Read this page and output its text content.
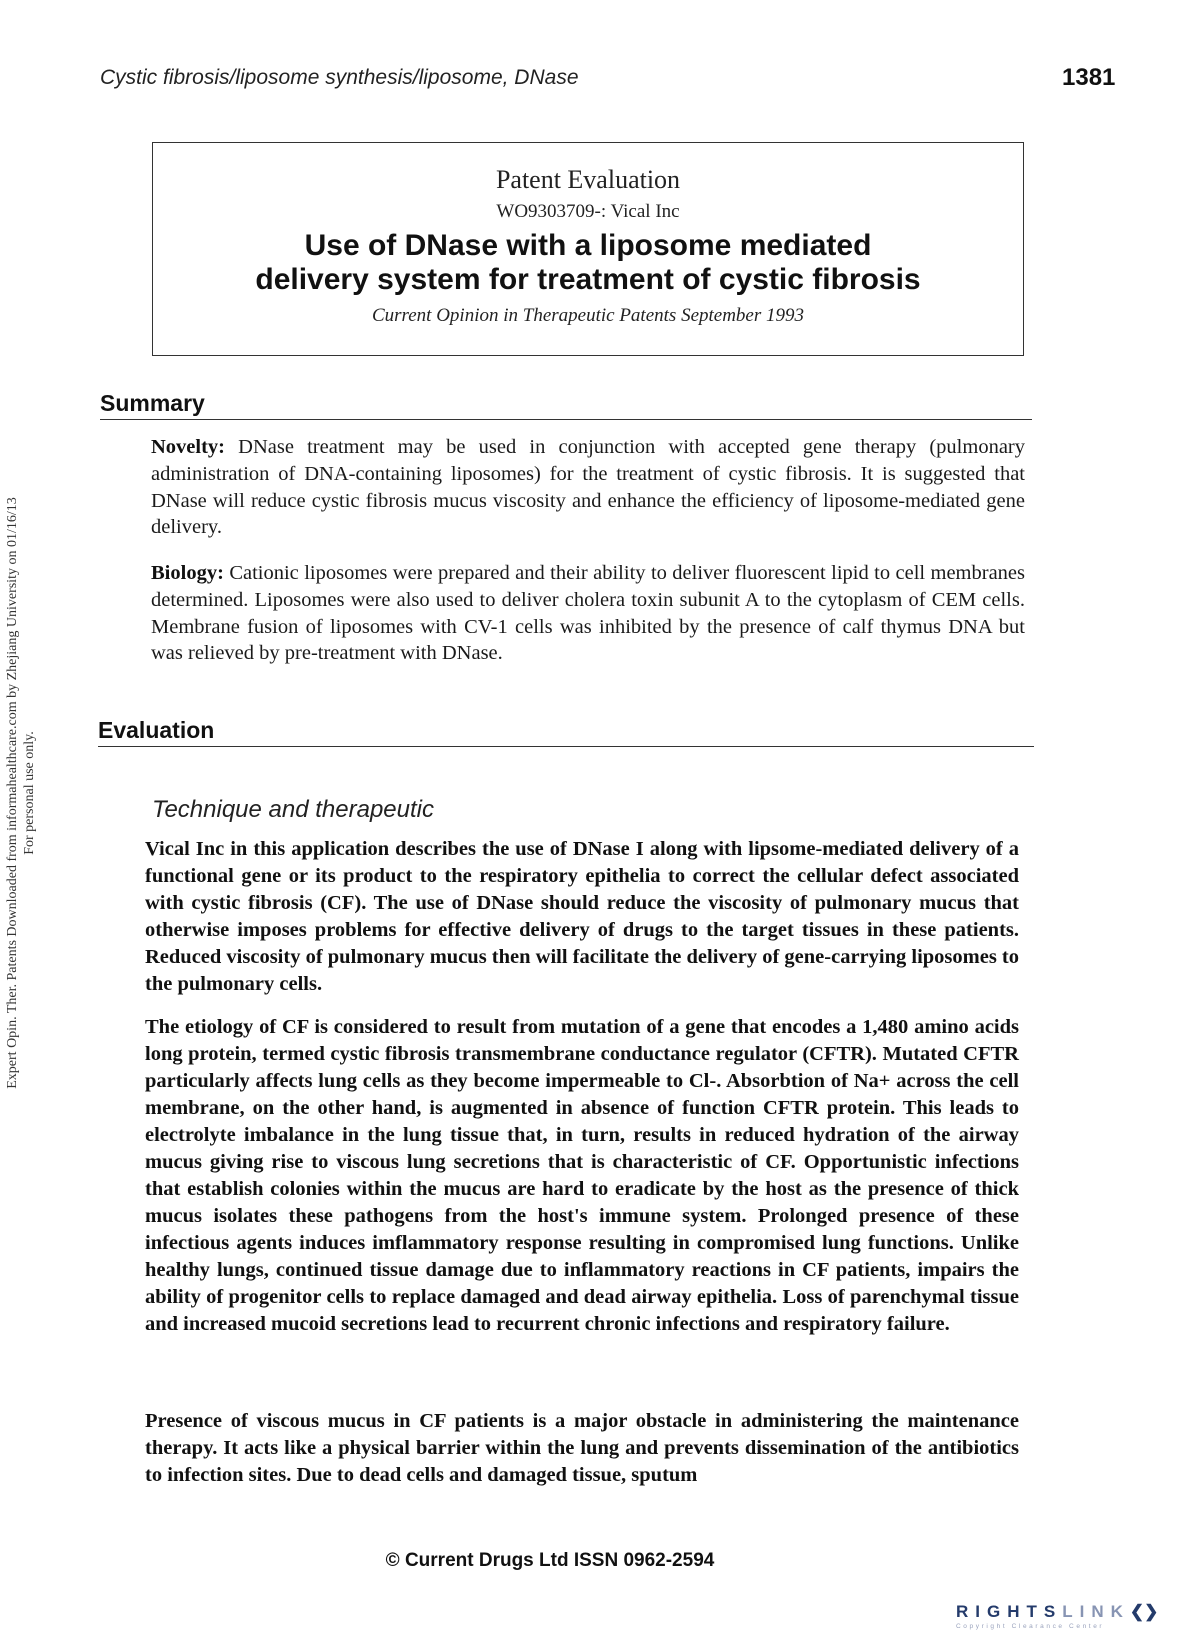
Cystic fibrosis/liposome synthesis/liposome, DNase	1381
Patent Evaluation
WO9303709-: Vical Inc
Use of DNase with a liposome mediated
delivery system for treatment of cystic fibrosis
Current Opinion in Therapeutic Patents September 1993
Summary

Novelty: DNase treatment may be used in conjunction with accepted gene therapy (pulmonary administration of DNA-containing liposomes) for the treatment of cystic fibrosis. It is suggested that DNase will reduce cystic fibrosis mucus viscosity and enhance the efficiency of liposome-mediated gene delivery.

Biology: Cationic liposomes were prepared and their ability to deliver fluorescent lipid to cell membranes determined. Liposomes were also used to deliver cholera toxin subunit A to the cytoplasm of CEM cells. Membrane fusion of liposomes with CV-1 cells was inhibited by the presence of calf thymus DNA but was relieved by pre-treatment with DNase.

Evaluation
Technique and therapeutic

Vical Inc in this application describes the use of DNase I along with lipsome-mediated delivery of a functional gene or its product to the respiratory epithelia to correct the cellular defect associated with cystic fibrosis (CF). The use of DNase should reduce the viscosity of pulmonary mucus that otherwise imposes problems for effective delivery of drugs to the target tissues in these patients. Reduced viscosity of pulmonary mucus then will facilitate the delivery of gene-carrying liposomes to the pulmonary cells.

The etiology of CF is considered to result from mutation of a gene that encodes a 1,480 amino acids long protein, termed cystic fibrosis transmembrane conductance regulator (CFTR). Mutated CFTR particularly affects lung cells as they become impermeable to Cl-. Absorbtion of Na+ across the cell membrane, on the other hand, is augmented in absence of function CFTR protein. This leads to electrolyte imbalance in the lung tissue that, in turn, results in reduced hydration of the airway mucus giving rise to viscous lung secretions that is characteristic of CF. Opportunistic infections that establish colonies within the mucus are hard to eradicate by the host as the presence of thick mucus isolates these pathogens from the host's immune system. Prolonged presence of these infectious agents induces imflammatory response resulting in compromised lung functions. Unlike healthy lungs, continued tissue damage due to inflammatory reactions in CF patients, impairs the ability of progenitor cells to replace damaged and dead airway epithelia. Loss of parenchymal tissue and increased mucoid secretions lead to recurrent chronic infections and respiratory failure.

Presence of viscous mucus in CF patients is a major obstacle in administering the maintenance therapy. It acts like a physical barrier within the lung and prevents dissemination of the antibiotics to infection sites. Due to dead cells and damaged tissue, sputum

© Current Drugs Ltd ISSN 0962-2594
Expert Opin. Ther. Patents Downloaded from informahealthcare.com by Zhejiang University on 01/16/13 For personal use only.
RIGHTSLINK❮❯
Copyright Clearance Center
